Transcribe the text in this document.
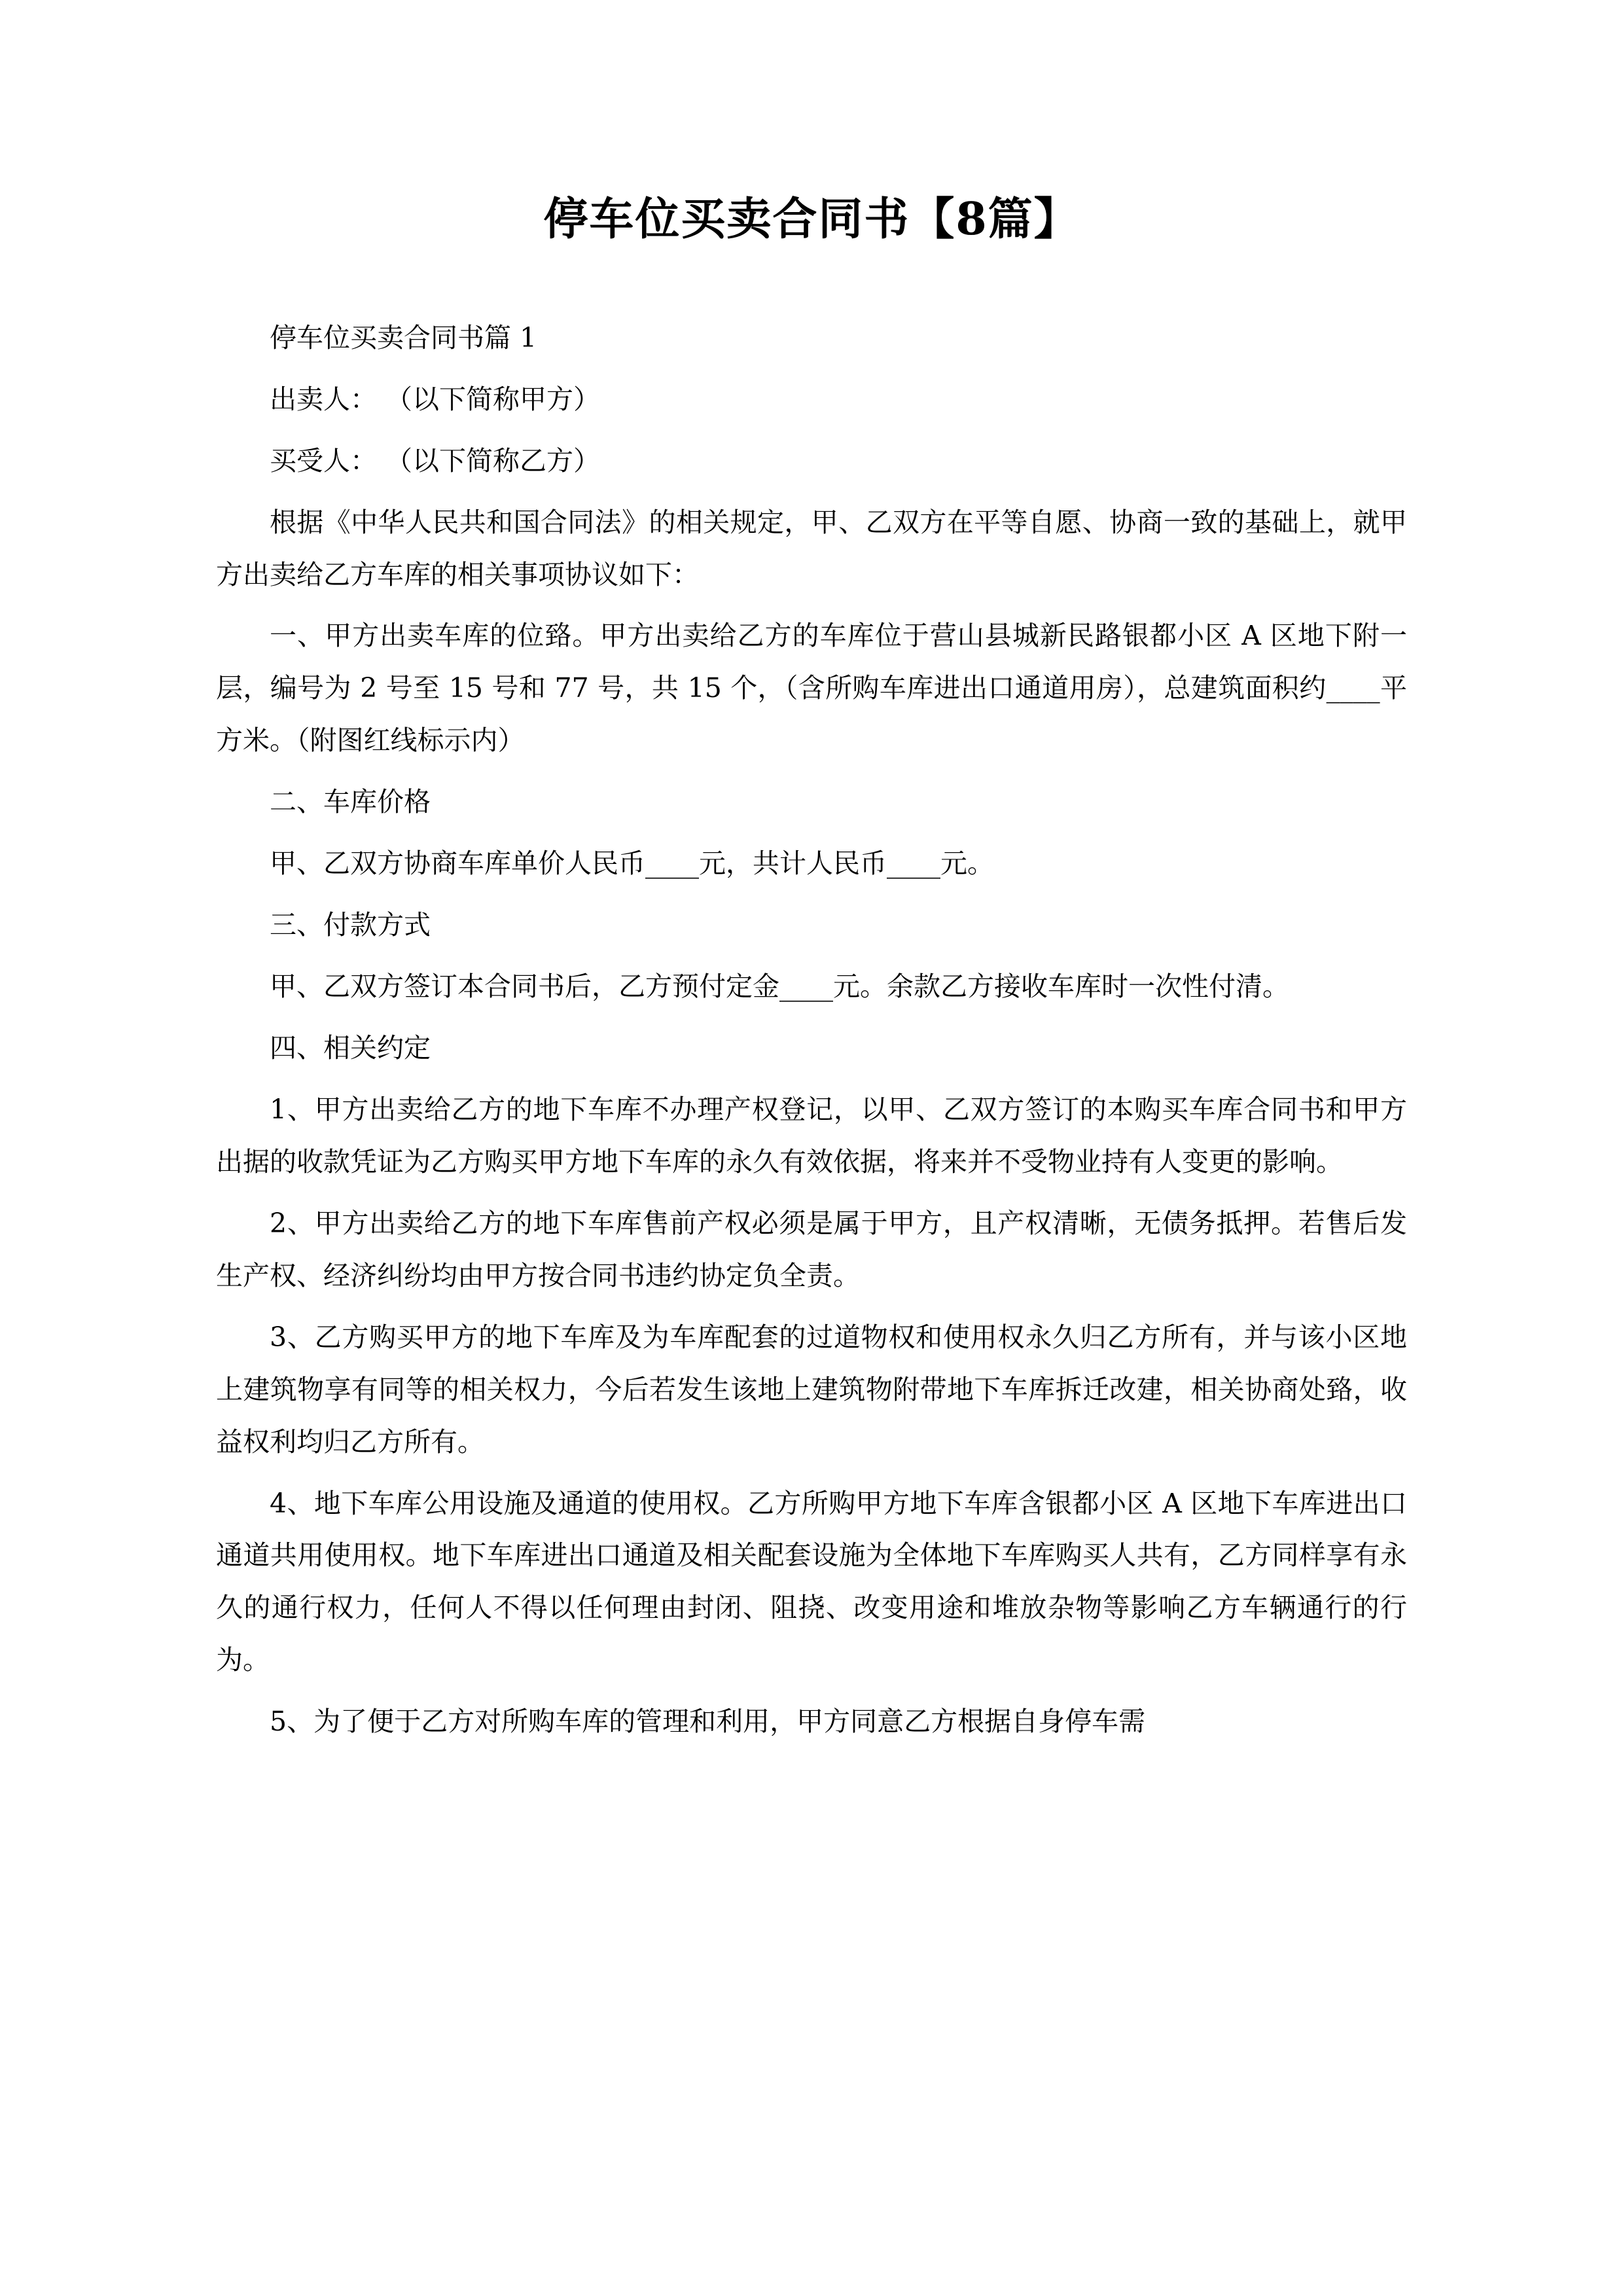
停车位买卖合同书【8篇】

停车位买卖合同书篇 1

出卖人： （以下简称甲方）

买受人： （以下简称乙方）

根据《中华人民共和国合同法》的相关规定，甲、乙双方在平等自愿、协商一致的基础上，就甲方出卖给乙方车库的相关事项协议如下：

一、甲方出卖车库的位臵。甲方出卖给乙方的车库位于营山县城新民路银都小区 A 区地下附一层，编号为 2 号至 15 号和 77 号，共 15 个，（含所购车库进出口通道用房），总建筑面积约____平方米。（附图红线标示内）

二、车库价格

甲、乙双方协商车库单价人民币____元，共计人民币____元。

三、付款方式

甲、乙双方签订本合同书后，乙方预付定金____元。余款乙方接收车库时一次性付清。

四、相关约定

1、甲方出卖给乙方的地下车库不办理产权登记，以甲、乙双方签订的本购买车库合同书和甲方出据的收款凭证为乙方购买甲方地下车库的永久有效依据，将来并不受物业持有人变更的影响。

2、甲方出卖给乙方的地下车库售前产权必须是属于甲方，且产权清晰，无债务抵押。若售后发生产权、经济纠纷均由甲方按合同书违约协定负全责。

3、乙方购买甲方的地下车库及为车库配套的过道物权和使用权永久归乙方所有，并与该小区地上建筑物享有同等的相关权力，今后若发生该地上建筑物附带地下车库拆迁改建，相关协商处臵，收益权利均归乙方所有。

4、地下车库公用设施及通道的使用权。乙方所购甲方地下车库含银都小区 A 区地下车库进出口通道共用使用权。地下车库进出口通道及相关配套设施为全体地下车库购买人共有，乙方同样享有永久的通行权力，任何人不得以任何理由封闭、阻挠、改变用途和堆放杂物等影响乙方车辆通行的行为。

5、为了便于乙方对所购车库的管理和利用，甲方同意乙方根据自身停车需
